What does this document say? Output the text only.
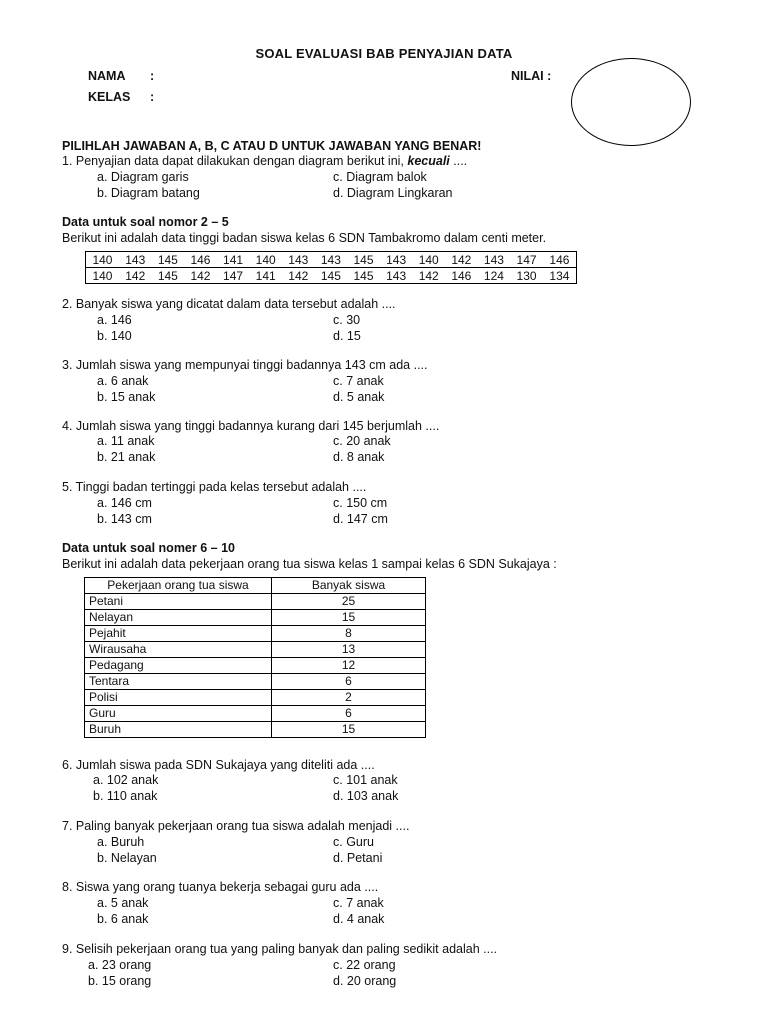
SOAL EVALUASI BAB PENYAJIAN DATA
NAMA :
KELAS :
NILAI :
PILIHLAH JAWABAN A, B, C ATAU D UNTUK JAWABAN YANG BENAR!
1. Penyajian data dapat dilakukan dengan diagram berikut ini, kecuali ....
a. Diagram garis
b. Diagram batang
c. Diagram balok
d. Diagram Lingkaran
Data untuk soal nomor 2 – 5
Berikut ini adalah data tinggi badan siswa kelas 6 SDN Tambakromo dalam centi meter.
140	143	145	146	141	140	143	143	145	143	140	142	143	147	146
140	142	145	142	147	141	142	145	145	143	142	146	124	130	134
2. Banyak siswa yang dicatat dalam data tersebut adalah ....
a. 146
b. 140
c. 30
d. 15
3. Jumlah siswa yang mempunyai tinggi badannya 143 cm ada ....
a. 6 anak
b. 15 anak
c. 7 anak
d. 5 anak
4. Jumlah siswa yang tinggi badannya kurang dari 145 berjumlah ....
a. 11 anak
b. 21 anak
c. 20 anak
d. 8 anak
5. Tinggi badan tertinggi pada kelas tersebut adalah ....
a. 146 cm
b. 143 cm
c. 150 cm
d. 147 cm
Data untuk soal nomer 6 – 10
Berikut ini adalah data pekerjaan orang tua siswa kelas 1 sampai kelas 6 SDN Sukajaya :
Pekerjaan orang tua siswa	Banyak siswa
Petani	25
Nelayan	15
Pejahit	8
Wirausaha	13
Pedagang	12
Tentara	6
Polisi	2
Guru	6
Buruh	15
6. Jumlah siswa pada SDN Sukajaya yang diteliti ada ....
a. 102 anak
b. 110 anak
c. 101 anak
d. 103 anak
7. Paling banyak pekerjaan orang tua siswa adalah menjadi ....
a. Buruh
b. Nelayan
c. Guru
d. Petani
8. Siswa yang orang tuanya bekerja sebagai guru ada ....
a. 5 anak
b. 6 anak
c. 7 anak
d. 4 anak
9. Selisih pekerjaan orang tua yang paling banyak dan paling sedikit adalah ....
a. 23 orang
b. 15 orang
c. 22 orang
d. 20 orang
